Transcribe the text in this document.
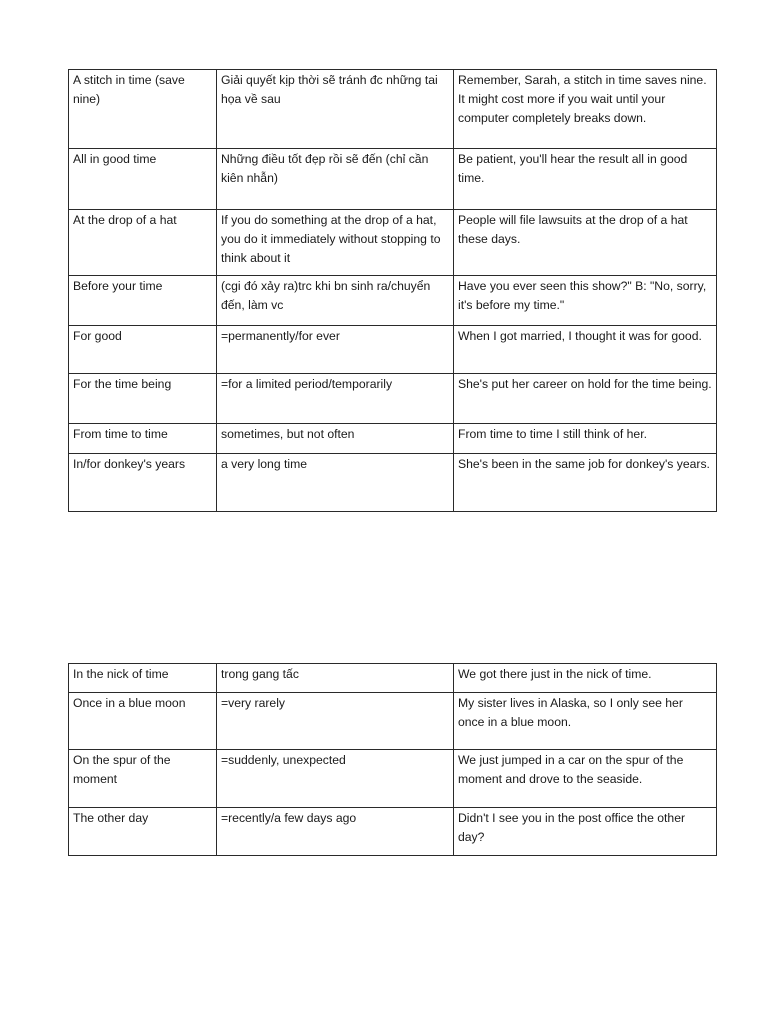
A stitch in time (save nine)	Giải quyết kịp thời sẽ tránh đc những tai họa về sau	Remember, Sarah, a stitch in time saves nine. It might cost more if you wait until your computer completely breaks down.
All in good time	Những điều tốt đẹp rồi sẽ đến (chỉ cần kiên nhẫn)	Be patient, you'll hear the result all in good time.
At the drop of a hat	If you do something at the drop of a hat, you do it immediately without stopping to think about it	People will file lawsuits at the drop of a hat these days.
Before your time	(cgi đó xảy ra)trc khi bn sinh ra/chuyển đến, làm vc	Have you ever seen this show?" B: "No, sorry, it's before my time."
For good	=permanently/for ever	When I got married, I thought it was for good.
For the time being	=for a limited period/temporarily	She's put her career on hold for the time being.
From time to time	sometimes, but not often	From time to time I still think of her.
In/for donkey's years	a very long time	She's been in the same job for donkey's years.
In the nick of time	trong gang tấc	We got there just in the nick of time.
Once in a blue moon	=very rarely	My sister lives in Alaska, so I only see her once in a blue moon.
On the spur of the moment	=suddenly, unexpected	We just jumped in a car on the spur of the moment and drove to the seaside.
The other day	=recently/a few days ago	Didn't I see you in the post office the other day?
